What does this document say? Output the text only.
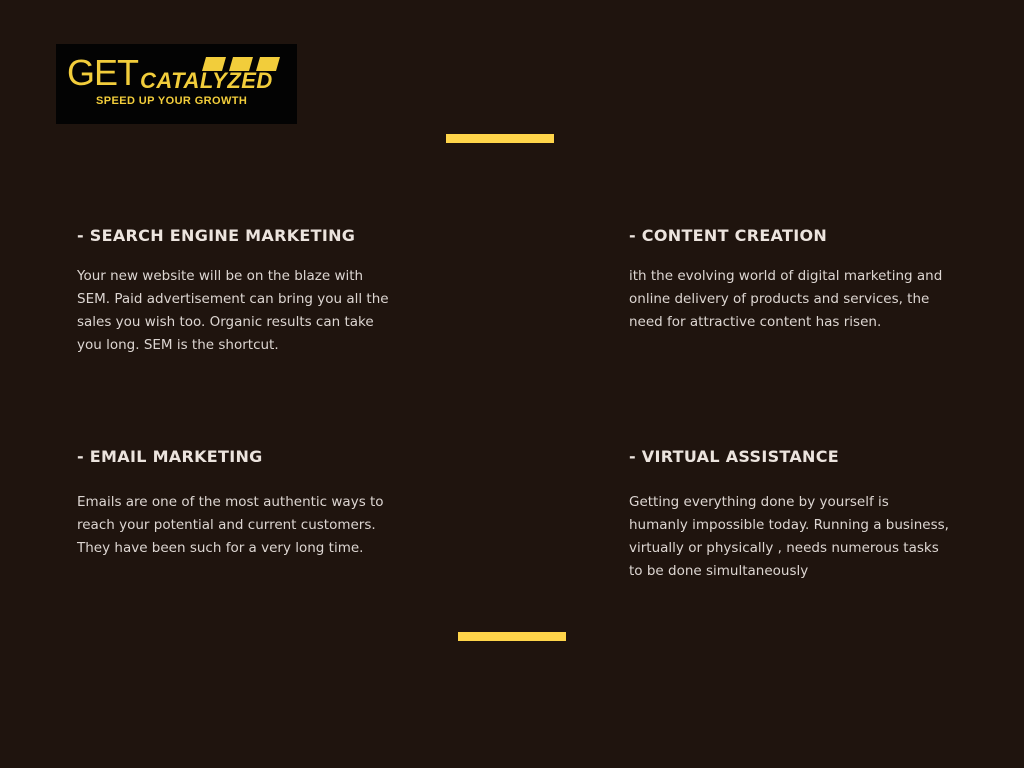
GET CATALYZED
SPEED UP YOUR GROWTH
- SEARCH ENGINE MARKETING

Your new website will be on the blaze with SEM. Paid advertisement can bring you all the sales you wish too. Organic results can take you long. SEM is the shortcut.

- CONTENT CREATION

ith the evolving world of digital marketing and online delivery of products and services, the need for attractive content has risen.

- EMAIL MARKETING

Emails are one of the most authentic ways to reach your potential and current customers. They have been such for a very long time.

- VIRTUAL ASSISTANCE

Getting everything done by yourself is humanly impossible today. Running a business, virtually or physically , needs numerous tasks to be done simultaneously
